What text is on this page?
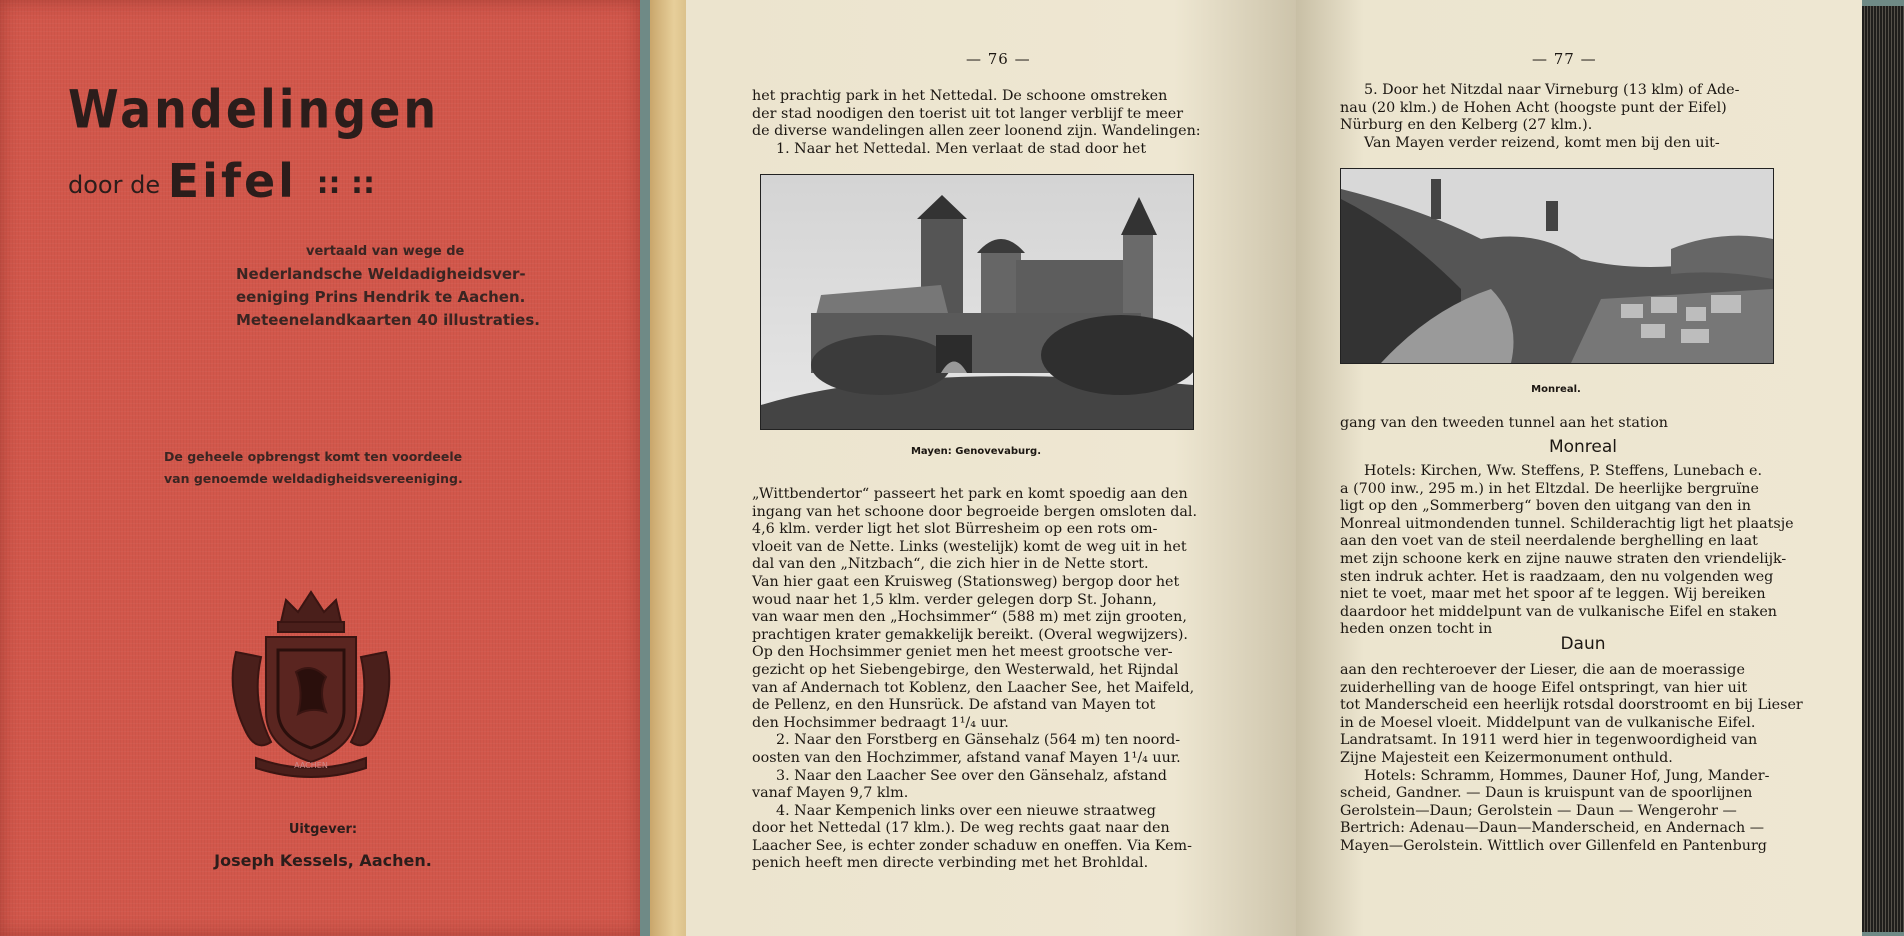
Wandelingen
door de Eifel :: ::
vertaald van wege de
Nederlandsche Weldadigheidsver-
eeniging Prins Hendrik te Aachen.
Meteenelandkaarten 40 illustraties.
De geheele opbrengst komt ten voordeele
van genoemde weldadigheidsvereeniging.
AACHEN
Uitgever:
Joseph Kessels, Aachen.
— 76 —

het prachtig park in het Nettedal. De schoone omstreken

der stad noodigen den toerist uit tot langer verblijf te meer

de diverse wandelingen allen zeer loonend zijn. Wandelingen:

1. Naar het Nettedal. Men verlaat de stad door het

Mayen: Genovevaburg.

„Wittbendertor“ passeert het park en komt spoedig aan den

ingang van het schoone door begroeide bergen omsloten dal.

4,6 klm. verder ligt het slot Bürresheim op een rots om-

vloeit van de Nette. Links (westelijk) komt de weg uit in het

dal van den „Nitzbach“, die zich hier in de Nette stort.

Van hier gaat een Kruisweg (Stationsweg) bergop door het

woud naar het 1,5 klm. verder gelegen dorp St. Johann,

van waar men den „Hochsimmer“ (588 m) met zijn grooten,

prachtigen krater gemakkelijk bereikt. (Overal wegwijzers).

Op den Hochsimmer geniet men het meest grootsche ver-

gezicht op het Siebengebirge, den Westerwald, het Rijndal

van af Andernach tot Koblenz, den Laacher See, het Maifeld,

de Pellenz, en den Hunsrück. De afstand van Mayen tot

den Hochsimmer bedraagt 1¹/₄ uur.

2. Naar den Forstberg en Gänsehalz (564 m) ten noord-

oosten van den Hochzimmer, afstand vanaf Mayen 1¹/₄ uur.

3. Naar den Laacher See over den Gänsehalz, afstand

vanaf Mayen 9,7 klm.

4. Naar Kempenich links over een nieuwe straatweg

door het Nettedal (17 klm.). De weg rechts gaat naar den

Laacher See, is echter zonder schaduw en oneffen. Via Kem-

penich heeft men directe verbinding met het Brohldal.

— 77 —

5. Door het Nitzdal naar Virneburg (13 klm) of Ade-

nau (20 klm.) de Hohen Acht (hoogste punt der Eifel)

Nürburg en den Kelberg (27 klm.).

Van Mayen verder reizend, komt men bij den uit-

Monreal.
gang van den tweeden tunnel aan het station
Monreal

Hotels: Kirchen, Ww. Steffens, P. Steffens, Lunebach e.

a (700 inw., 295 m.) in het Eltzdal. De heerlijke bergruïne

ligt op den „Sommerberg“ boven den uitgang van den in

Monreal uitmondenden tunnel. Schilderachtig ligt het plaatsje

aan den voet van de steil neerdalende berghelling en laat

met zijn schoone kerk en zijne nauwe straten den vriendelijk-

sten indruk achter. Het is raadzaam, den nu volgenden weg

niet te voet, maar met het spoor af te leggen. Wij bereiken

daardoor het middelpunt van de vulkanische Eifel en staken

heden onzen tocht in

Daun

aan den rechteroever der Lieser, die aan de moerassige

zuiderhelling van de hooge Eifel ontspringt, van hier uit

tot Manderscheid een heerlijk rotsdal doorstroomt en bij Lieser

in de Moesel vloeit. Middelpunt van de vulkanische Eifel.

Landratsamt. In 1911 werd hier in tegenwoordigheid van

Zijne Majesteit een Keizermonument onthuld.

Hotels: Schramm, Hommes, Dauner Hof, Jung, Mander-

scheid, Gandner. — Daun is kruispunt van de spoorlijnen

Gerolstein—Daun; Gerolstein — Daun — Wengerohr —

Bertrich: Adenau—Daun—Manderscheid, en Andernach —

Mayen—Gerolstein. Wittlich over Gillenfeld en Pantenburg
